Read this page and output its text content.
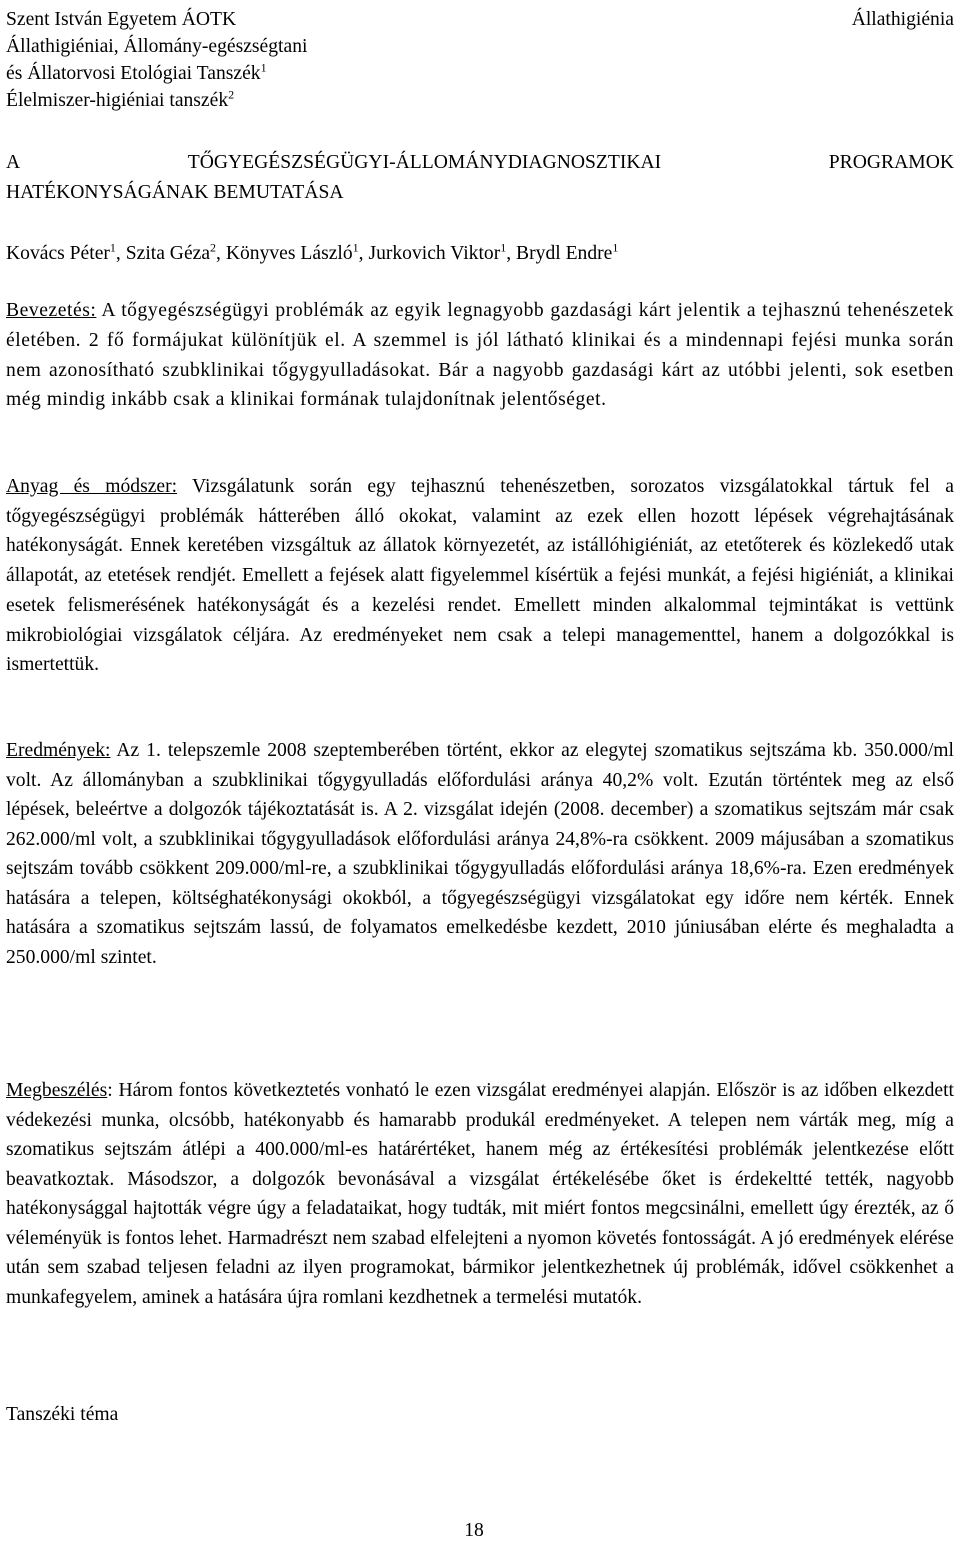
Szent István Egyetem ÁOTK
Állathigiéniai, Állomány-egészségtani
és Állatorvosi Etológiai Tanszék$^1$
Élelmiszer-higiéniai tanszék$^2$
Állathigiénia
A	TŐGYEGÉSZSÉGÜGYI-ÁLLOMÁNYDIAGNOSZTIKAI	PROGRAMOK
HATÉKONYSÁGÁNAK BEMUTATÁSA
Kovács Péter$^1$, Szita Géza$^2$, Könyves László$^1$, Jurkovich Viktor$^1$, Brydl Endre$^1$

Bevezetés: A tőgyegészségügyi problémák az egyik legnagyobb gazdasági kárt jelentik a tejhasznú tehenészetek életében. 2 fő formájukat különítjük el. A szemmel is jól látható klinikai és a mindennapi fejési munka során nem azonosítható szubklinikai tőgygyulladásokat. Bár a nagyobb gazdasági kárt az utóbbi jelenti, sok esetben még mindig inkább csak a klinikai formának tulajdonítnak jelentőséget.

Anyag és módszer: Vizsgálatunk során egy tejhasznú tehenészetben, sorozatos vizsgálatokkal tártuk fel a tőgyegészségügyi problémák hátterében álló okokat, valamint az ezek ellen hozott lépések végrehajtásának hatékonyságát. Ennek keretében vizsgáltuk az állatok környezetét, az istállóhigiéniát, az etetőterek és közlekedő utak állapotát, az etetések rendjét. Emellett a fejések alatt figyelemmel kísértük a fejési munkát, a fejési higiéniát, a klinikai esetek felismerésének hatékonyságát és a kezelési rendet. Emellett minden alkalommal tejmintákat is vettünk mikrobiológiai vizsgálatok céljára. Az eredményeket nem csak a telepi managementtel, hanem a dolgozókkal is ismertettük.

Eredmények: Az 1. telepszemle 2008 szeptemberében történt, ekkor az elegytej szomatikus sejtszáma kb. 350.000/ml volt. Az állományban a szubklinikai tőgygyulladás előfordulási aránya 40,2% volt. Ezután történtek meg az első lépések, beleértve a dolgozók tájékoztatását is. A 2. vizsgálat idején (2008. december) a szomatikus sejtszám már csak 262.000/ml volt, a szubklinikai tőgygyulladások előfordulási aránya 24,8%-ra csökkent. 2009 májusában a szomatikus sejtszám tovább csökkent 209.000/ml-re, a szubklinikai tőgygyulladás előfordulási aránya 18,6%-ra. Ezen eredmények hatására a telepen, költséghatékonysági okokból, a tőgyegészségügyi vizsgálatokat egy időre nem kérték. Ennek hatására a szomatikus sejtszám lassú, de folyamatos emelkedésbe kezdett, 2010 júniusában elérte és meghaladta a 250.000/ml szintet.

Megbeszélés: Három fontos következtetés vonható le ezen vizsgálat eredményei alapján. Először is az időben elkezdett védekezési munka, olcsóbb, hatékonyabb és hamarabb produkál eredményeket. A telepen nem várták meg, míg a szomatikus sejtszám átlépi a 400.000/ml-es határértéket, hanem még az értékesítési problémák jelentkezése előtt beavatkoztak. Másodszor, a dolgozók bevonásával a vizsgálat értékelésébe őket is érdekeltté tették, nagyobb hatékonysággal hajtották végre úgy a feladataikat, hogy tudták, mit miért fontos megcsinálni, emellett úgy érezték, az ő véleményük is fontos lehet. Harmadrészt nem szabad elfelejteni a nyomon követés fontosságát. A jó eredmények elérése után sem szabad teljesen feladni az ilyen programokat, bármikor jelentkezhetnek új problémák, idővel csökkenhet a munkafegyelem, aminek a hatására újra romlani kezdhetnek a termelési mutatók.

Tanszéki téma
18
